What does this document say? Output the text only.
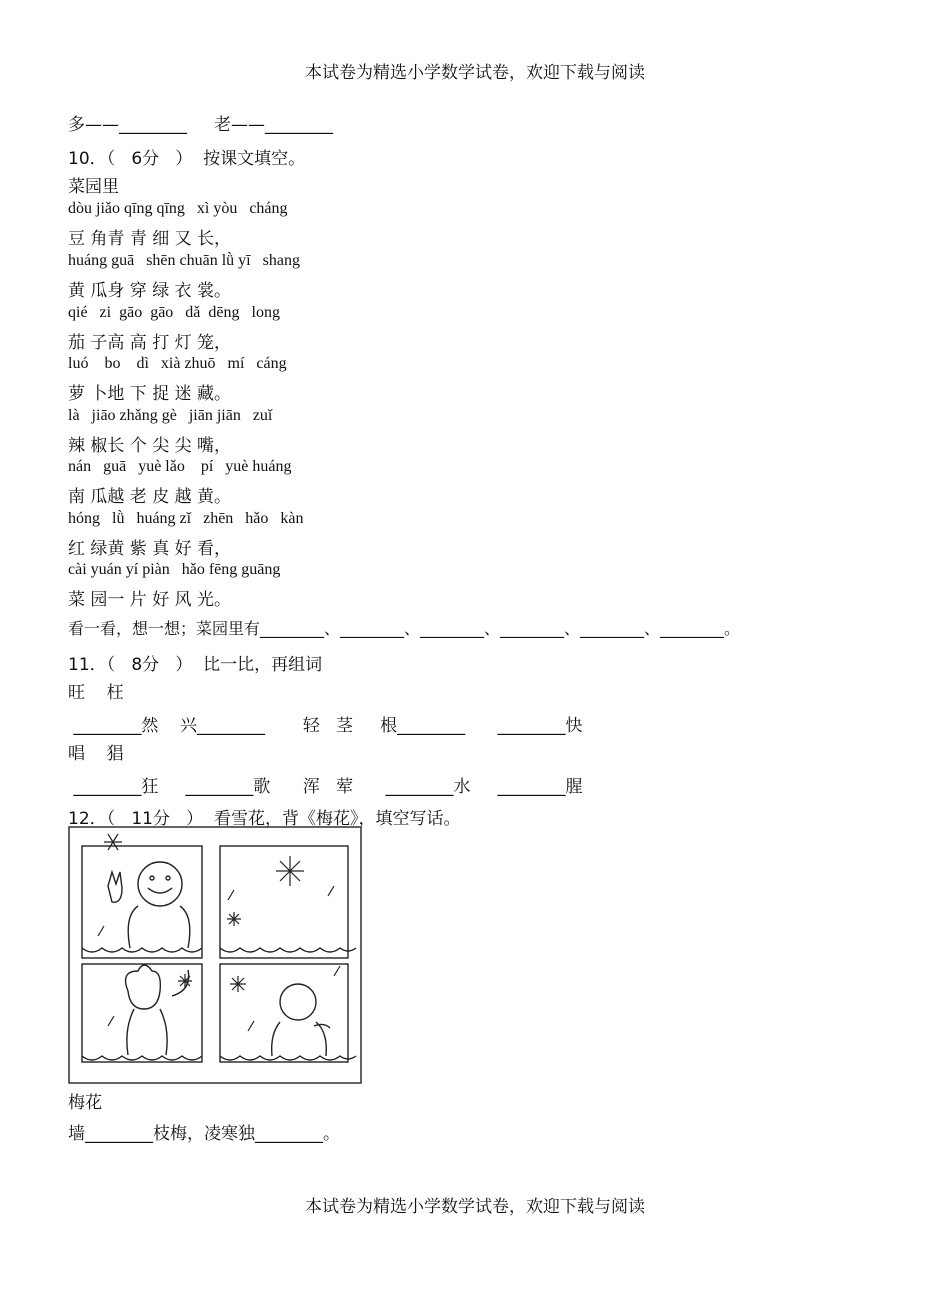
本试卷为精选小学数学试卷，欢迎下载与阅读
多——________     老——________
10．（   6分   ）  按课文填空。
菜园里
dòu jiǎo qīng qīng   xì yòu   cháng
豆 角青 青 细 又 长，
huáng guā   shēn chuān lǜ yī   shang
黄 瓜身 穿 绿 衣 裳。
qié   zi  gāo  gāo   dǎ  dēng   long
茄 子高 高 打 灯 笼，
luó    bo    dì   xià zhuō   mí   cáng
萝 卜地 下 捉 迷 藏。
là   jiāo zhǎng gè   jiān jiān   zuǐ
辣 椒长 个 尖 尖 嘴，
nán   guā   yuè lǎo    pí   yuè huáng
南 瓜越 老 皮 越 黄。
hóng   lǜ   huáng zǐ   zhēn   hǎo   kàn
红 绿黄 紫 真 好 看，
cài yuán yí piàn   hǎo fēng guāng
菜 园一 片 好 风 光。
看一看，想一想；菜园里有________、________、________、________、________、________。
11．（   8分   ）  比一比，再组词
旺    枉
________然    兴________       轻   茎     根________      ________快
唱    猖
________狂     ________歌      浑   荤      ________水     ________腥
12．（   11分   ）  看雪花，背《梅花》，填空写话。
梅花
墙________枝梅，凌寒独________。
本试卷为精选小学数学试卷，欢迎下载与阅读
